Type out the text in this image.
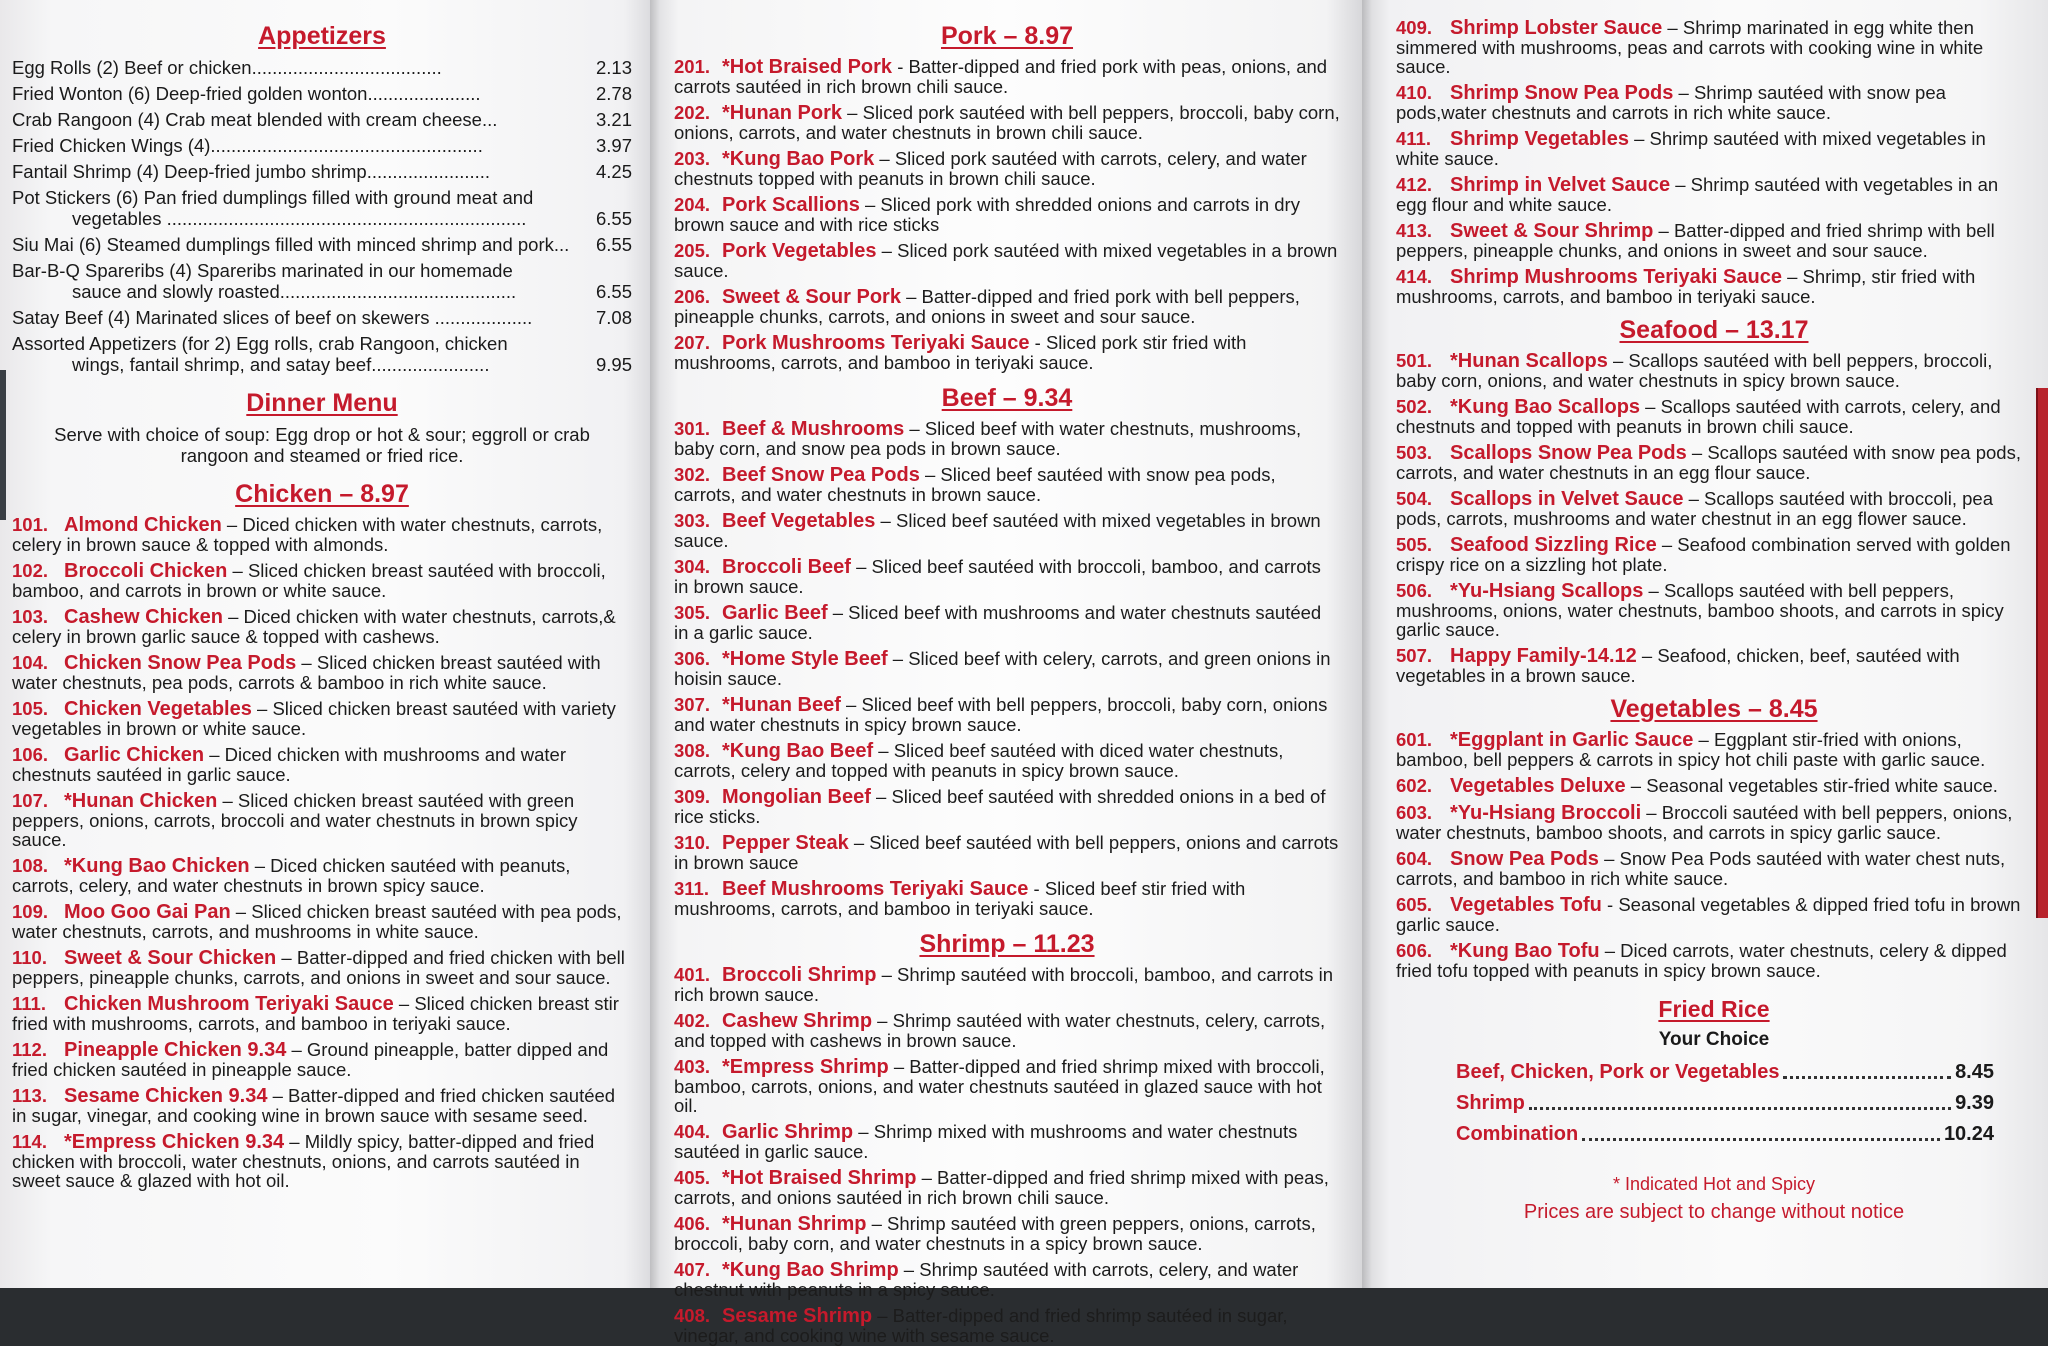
Appetizers
Egg Rolls (2) Beef or chicken.....................................	2.13
Fried Wonton (6) Deep-fried golden wonton......................	2.78
Crab Rangoon (4) Crab meat blended with cream cheese...	3.21
Fried Chicken Wings (4).....................................................	3.97
Fantail Shrimp (4) Deep-fried jumbo shrimp........................	4.25
Pot Stickers (6) Pan fried dumplings filled with ground meat and
vegetables ......................................................................	6.55
Siu Mai (6) Steamed dumplings filled with minced shrimp and pork...	6.55
Bar-B-Q Spareribs (4) Spareribs marinated in our homemade
sauce and slowly roasted..............................................	6.55
Satay Beef (4) Marinated slices of beef on skewers ...................	7.08
Assorted Appetizers (for 2) Egg rolls, crab Rangoon, chicken
wings, fantail shrimp, and satay beef.......................	9.95
Dinner Menu
Serve with choice of soup: Egg drop or hot & sour; eggroll or crab rangoon and steamed or fried rice.
Chicken – 8.97
101. Almond Chicken – Diced chicken with water chestnuts, carrots, celery in brown sauce & topped with almonds.
102. Broccoli Chicken – Sliced chicken breast sautéed with broccoli, bamboo, and carrots in brown or white sauce.
103. Cashew Chicken – Diced chicken with water chestnuts, carrots,& celery in brown garlic sauce & topped with cashews.
104. Chicken Snow Pea Pods – Sliced chicken breast sautéed with water chestnuts, pea pods, carrots & bamboo in rich white sauce.
105. Chicken Vegetables – Sliced chicken breast sautéed with variety vegetables in brown or white sauce.
106. Garlic Chicken – Diced chicken with mushrooms and water chestnuts sautéed in garlic sauce.
107. *Hunan Chicken – Sliced chicken breast sautéed with green peppers, onions, carrots, broccoli and water chestnuts in brown spicy sauce.
108. *Kung Bao Chicken – Diced chicken sautéed with peanuts, carrots, celery, and water chestnuts in brown spicy sauce.
109. Moo Goo Gai Pan – Sliced chicken breast sautéed with pea pods, water chestnuts, carrots, and mushrooms in white sauce.
110. Sweet & Sour Chicken – Batter-dipped and fried chicken with bell peppers, pineapple chunks, carrots, and onions in sweet and sour sauce.
111. Chicken Mushroom Teriyaki Sauce – Sliced chicken breast stir fried with mushrooms, carrots, and bamboo in teriyaki sauce.
112. Pineapple Chicken 9.34 – Ground pineapple, batter dipped and fried chicken sautéed in pineapple sauce.
113. Sesame Chicken 9.34 – Batter-dipped and fried chicken sautéed in sugar, vinegar, and cooking wine in brown sauce with sesame seed.
114. *Empress Chicken 9.34 – Mildly spicy, batter-dipped and fried chicken with broccoli, water chestnuts, onions, and carrots sautéed in sweet sauce & glazed with hot oil.
Pork – 8.97
201. *Hot Braised Pork - Batter-dipped and fried pork with peas, onions, and carrots sautéed in rich brown chili sauce.
202. *Hunan Pork – Sliced pork sautéed with bell peppers, broccoli, baby corn, onions, carrots, and water chestnuts in brown chili sauce.
203. *Kung Bao Pork – Sliced pork sautéed with carrots, celery, and water chestnuts topped with peanuts in brown chili sauce.
204. Pork Scallions – Sliced pork with shredded onions and carrots in dry brown sauce and with rice sticks
205. Pork Vegetables – Sliced pork sautéed with mixed vegetables in a brown sauce.
206. Sweet & Sour Pork – Batter-dipped and fried pork with bell peppers, pineapple chunks, carrots, and onions in sweet and sour sauce.
207. Pork Mushrooms Teriyaki Sauce - Sliced pork stir fried with mushrooms, carrots, and bamboo in teriyaki sauce.
Beef – 9.34
301. Beef & Mushrooms – Sliced beef with water chestnuts, mushrooms, baby corn, and snow pea pods in brown sauce.
302. Beef Snow Pea Pods – Sliced beef sautéed with snow pea pods, carrots, and water chestnuts in brown sauce.
303. Beef Vegetables – Sliced beef sautéed with mixed vegetables in brown sauce.
304. Broccoli Beef – Sliced beef sautéed with broccoli, bamboo, and carrots in brown sauce.
305. Garlic Beef – Sliced beef with mushrooms and water chestnuts sautéed in a garlic sauce.
306. *Home Style Beef – Sliced beef with celery, carrots, and green onions in hoisin sauce.
307. *Hunan Beef – Sliced beef with bell peppers, broccoli, baby corn, onions and water chestnuts in spicy brown sauce.
308. *Kung Bao Beef – Sliced beef sautéed with diced water chestnuts, carrots, celery and topped with peanuts in spicy brown sauce.
309. Mongolian Beef – Sliced beef sautéed with shredded onions in a bed of rice sticks.
310. Pepper Steak – Sliced beef sautéed with bell peppers, onions and carrots in brown sauce
311. Beef Mushrooms Teriyaki Sauce - Sliced beef stir fried with mushrooms, carrots, and bamboo in teriyaki sauce.
Shrimp – 11.23
401. Broccoli Shrimp – Shrimp sautéed with broccoli, bamboo, and carrots in rich brown sauce.
402. Cashew Shrimp – Shrimp sautéed with water chestnuts, celery, carrots, and topped with cashews in brown sauce.
403. *Empress Shrimp – Batter-dipped and fried shrimp mixed with broccoli, bamboo, carrots, onions, and water chestnuts sautéed in glazed sauce with hot oil.
404. Garlic Shrimp – Shrimp mixed with mushrooms and water chestnuts sautéed in garlic sauce.
405. *Hot Braised Shrimp – Batter-dipped and fried shrimp mixed with peas, carrots, and onions sautéed in rich brown chili sauce.
406. *Hunan Shrimp – Shrimp sautéed with green peppers, onions, carrots, broccoli, baby corn, and water chestnuts in a spicy brown sauce.
407. *Kung Bao Shrimp – Shrimp sautéed with carrots, celery, and water chestnut with peanuts in a spicy sauce.
408. Sesame Shrimp – Batter-dipped and fried shrimp sautéed in sugar, vinegar, and cooking wine with sesame sauce.
409. Shrimp Lobster Sauce – Shrimp marinated in egg white then simmered with mushrooms, peas and carrots with cooking wine in white sauce.
410. Shrimp Snow Pea Pods – Shrimp sautéed with snow pea pods,water chestnuts and carrots in rich white sauce.
411. Shrimp Vegetables – Shrimp sautéed with mixed vegetables in white sauce.
412. Shrimp in Velvet Sauce – Shrimp sautéed with vegetables in an egg flour and white sauce.
413. Sweet & Sour Shrimp – Batter-dipped and fried shrimp with bell peppers, pineapple chunks, and onions in sweet and sour sauce.
414. Shrimp Mushrooms Teriyaki Sauce – Shrimp, stir fried with mushrooms, carrots, and bamboo in teriyaki sauce.
Seafood – 13.17
501. *Hunan Scallops – Scallops sautéed with bell peppers, broccoli, baby corn, onions, and water chestnuts in spicy brown sauce.
502. *Kung Bao Scallops – Scallops sautéed with carrots, celery, and chestnuts and topped with peanuts in brown chili sauce.
503. Scallops Snow Pea Pods – Scallops sautéed with snow pea pods, carrots, and water chestnuts in an egg flour sauce.
504. Scallops in Velvet Sauce – Scallops sautéed with broccoli, pea pods, carrots, mushrooms and water chestnut in an egg flower sauce.
505. Seafood Sizzling Rice – Seafood combination served with golden crispy rice on a sizzling hot plate.
506. *Yu-Hsiang Scallops – Scallops sautéed with bell peppers, mushrooms, onions, water chestnuts, bamboo shoots, and carrots in spicy garlic sauce.
507. Happy Family-14.12 – Seafood, chicken, beef, sautéed with vegetables in a brown sauce.
Vegetables – 8.45
601. *Eggplant in Garlic Sauce – Eggplant stir-fried with onions, bamboo, bell peppers & carrots in spicy hot chili paste with garlic sauce.
602. Vegetables Deluxe – Seasonal vegetables stir-fried white sauce.
603. *Yu-Hsiang Broccoli – Broccoli sautéed with bell peppers, onions, water chestnuts, bamboo shoots, and carrots in spicy garlic sauce.
604. Snow Pea Pods – Snow Pea Pods sautéed with water chest nuts, carrots, and bamboo in rich white sauce.
605. Vegetables Tofu - Seasonal vegetables & dipped fried tofu in brown garlic sauce.
606. *Kung Bao Tofu – Diced carrots, water chestnuts, celery & dipped fried tofu topped with peanuts in spicy brown sauce.
Fried Rice
Your Choice
Beef, Chicken, Pork or Vegetables	8.45
Shrimp	9.39
Combination	10.24
* Indicated Hot and Spicy
Prices are subject to change without notice
